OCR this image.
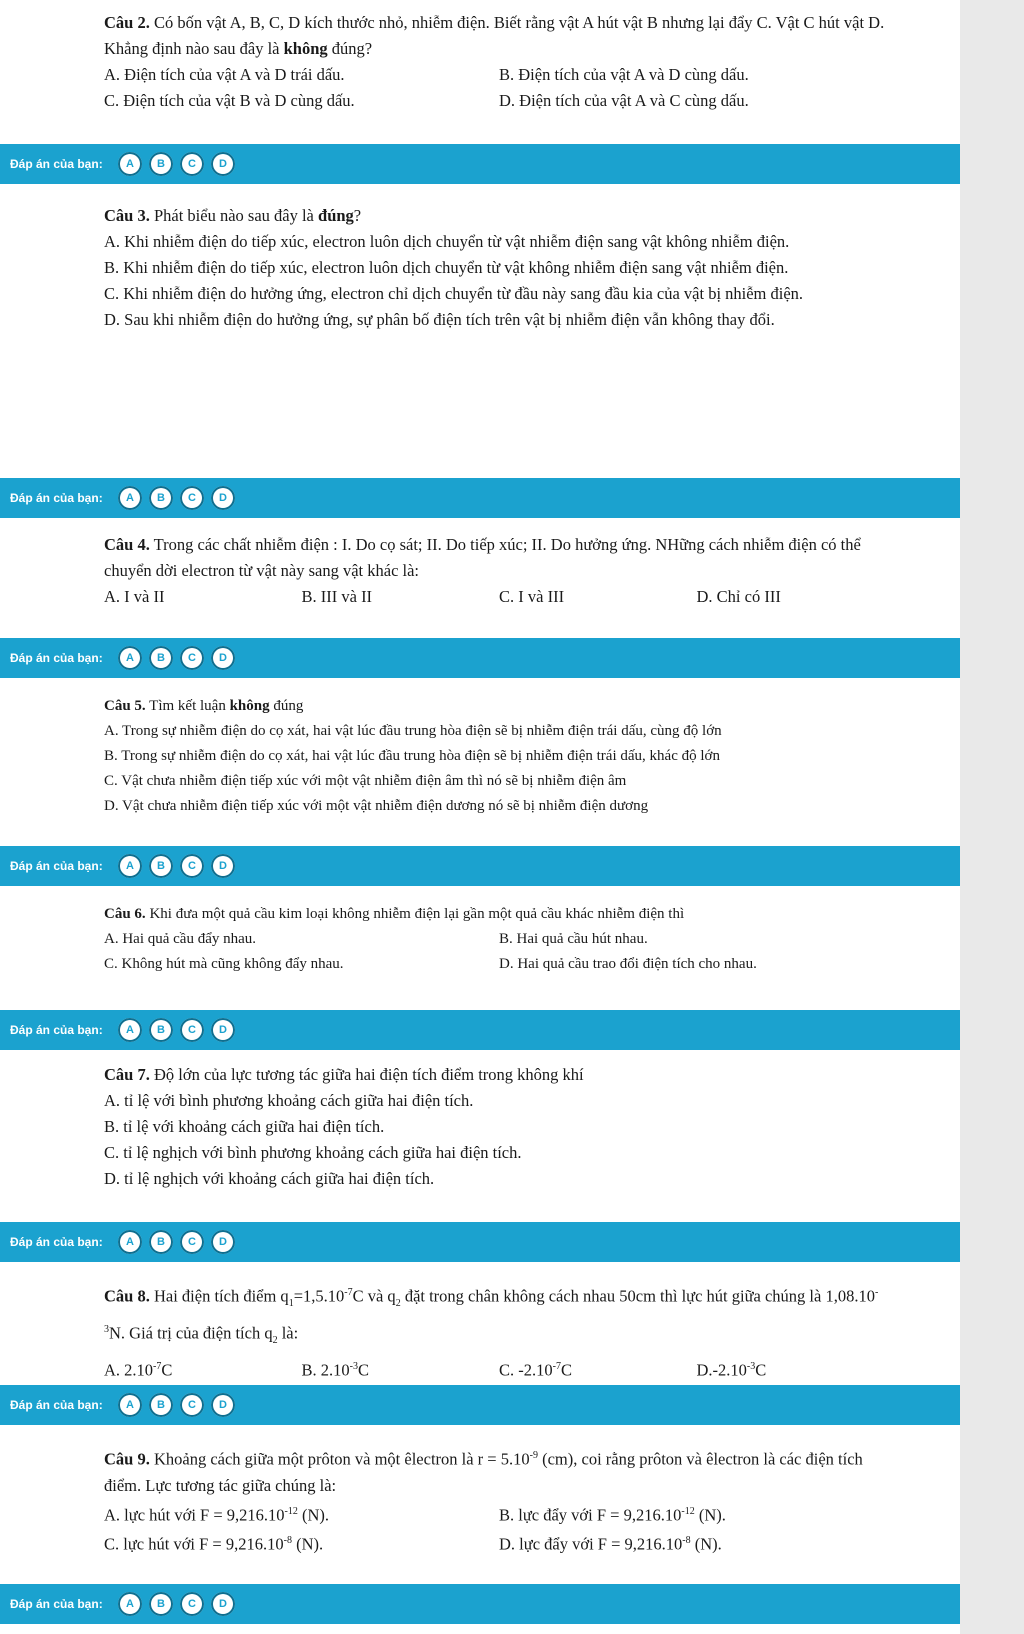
Câu 2. Có bốn vật A, B, C, D kích thước nhỏ, nhiễm điện. Biết rằng vật A hút vật B nhưng lại đẩy C. Vật C hút vật D. Khẳng định nào sau đây là không đúng?

A. Điện tích của vật A và D trái dấu.	B. Điện tích của vật A và D cùng dấu.
C. Điện tích của vật B và D cùng dấu.	D. Điện tích của vật A và C cùng dấu.
Đáp án của bạn:	A	B	C	D

Câu 3. Phát biểu nào sau đây là đúng?

A. Khi nhiễm điện do tiếp xúc, electron luôn dịch chuyển từ vật nhiễm điện sang vật không nhiễm điện.

B. Khi nhiễm điện do tiếp xúc, electron luôn dịch chuyển từ vật không nhiễm điện sang vật nhiễm điện.

C. Khi nhiễm điện do hưởng ứng, electron chỉ dịch chuyển từ đầu này sang đầu kia của vật bị nhiễm điện.

D. Sau khi nhiễm điện do hưởng ứng, sự phân bố điện tích trên vật bị nhiễm điện vẫn không thay đổi.

Đáp án của bạn:	A	B	C	D

Câu 4. Trong các chất nhiễm điện : I. Do cọ sát; II. Do tiếp xúc; II. Do hưởng ứng. NHững cách nhiễm điện có thể chuyển dời electron từ vật này sang vật khác là:

A. I và II	B. III và II	C. I và III	D. Chỉ có III
Đáp án của bạn:	A	B	C	D

Câu 5. Tìm kết luận không đúng

A. Trong sự nhiễm điện do cọ xát, hai vật lúc đầu trung hòa điện sẽ bị nhiễm điện trái dấu, cùng độ lớn

B. Trong sự nhiễm điện do cọ xát, hai vật lúc đầu trung hòa điện sẽ bị nhiễm điện trái dấu, khác độ lớn

C. Vật chưa nhiễm điện tiếp xúc với một vật nhiễm điện âm thì nó sẽ bị nhiễm điện âm

D. Vật chưa nhiễm điện tiếp xúc với một vật nhiễm điện dương nó sẽ bị nhiễm điện dương

Đáp án của bạn:	A	B	C	D

Câu 6. Khi đưa một quả cầu kim loại không nhiễm điện lại gần một quả cầu khác nhiễm điện thì

A. Hai quả cầu đẩy nhau.	B. Hai quả cầu hút nhau.
C. Không hút mà cũng không đẩy nhau.	D. Hai quả cầu trao đổi điện tích cho nhau.
Đáp án của bạn:	A	B	C	D

Câu 7. Độ lớn của lực tương tác giữa hai điện tích điểm trong không khí

A. tỉ lệ với bình phương khoảng cách giữa hai điện tích.

B. tỉ lệ với khoảng cách giữa hai điện tích.

C. tỉ lệ nghịch với bình phương khoảng cách giữa hai điện tích.

D. tỉ lệ nghịch với khoảng cách giữa hai điện tích.

Đáp án của bạn:	A	B	C	D

Câu 8. Hai điện tích điểm $q_1=1,5.10^{-7}C$ và $q_2$ đặt trong chân không cách nhau 50cm thì lực hút giữa chúng là $1,08.10^{-3}N$. Giá trị của điện tích $q_2$ là:

A. $2.10^{-7}C$	B. $2.10^{-3}C$	C. $-2.10^{-7}C$	$D.-2.10^{-3}C$
Đáp án của bạn:	A	B	C	D

Câu 9. Khoảng cách giữa một prôton và một êlectron là $r = 5.10^{-9}$ (cm), coi rằng prôton và êlectron là các điện tích điểm. Lực tương tác giữa chúng là:

A. lực hút với $F = 9,216.10^{-12}$ (N).	B. lực đẩy với $F = 9,216.10^{-12}$ (N).
C. lực hút với $F = 9,216.10^{-8}$ (N).	D. lực đẩy với $F = 9,216.10^{-8}$ (N).
Đáp án của bạn:	A	B	C	D
